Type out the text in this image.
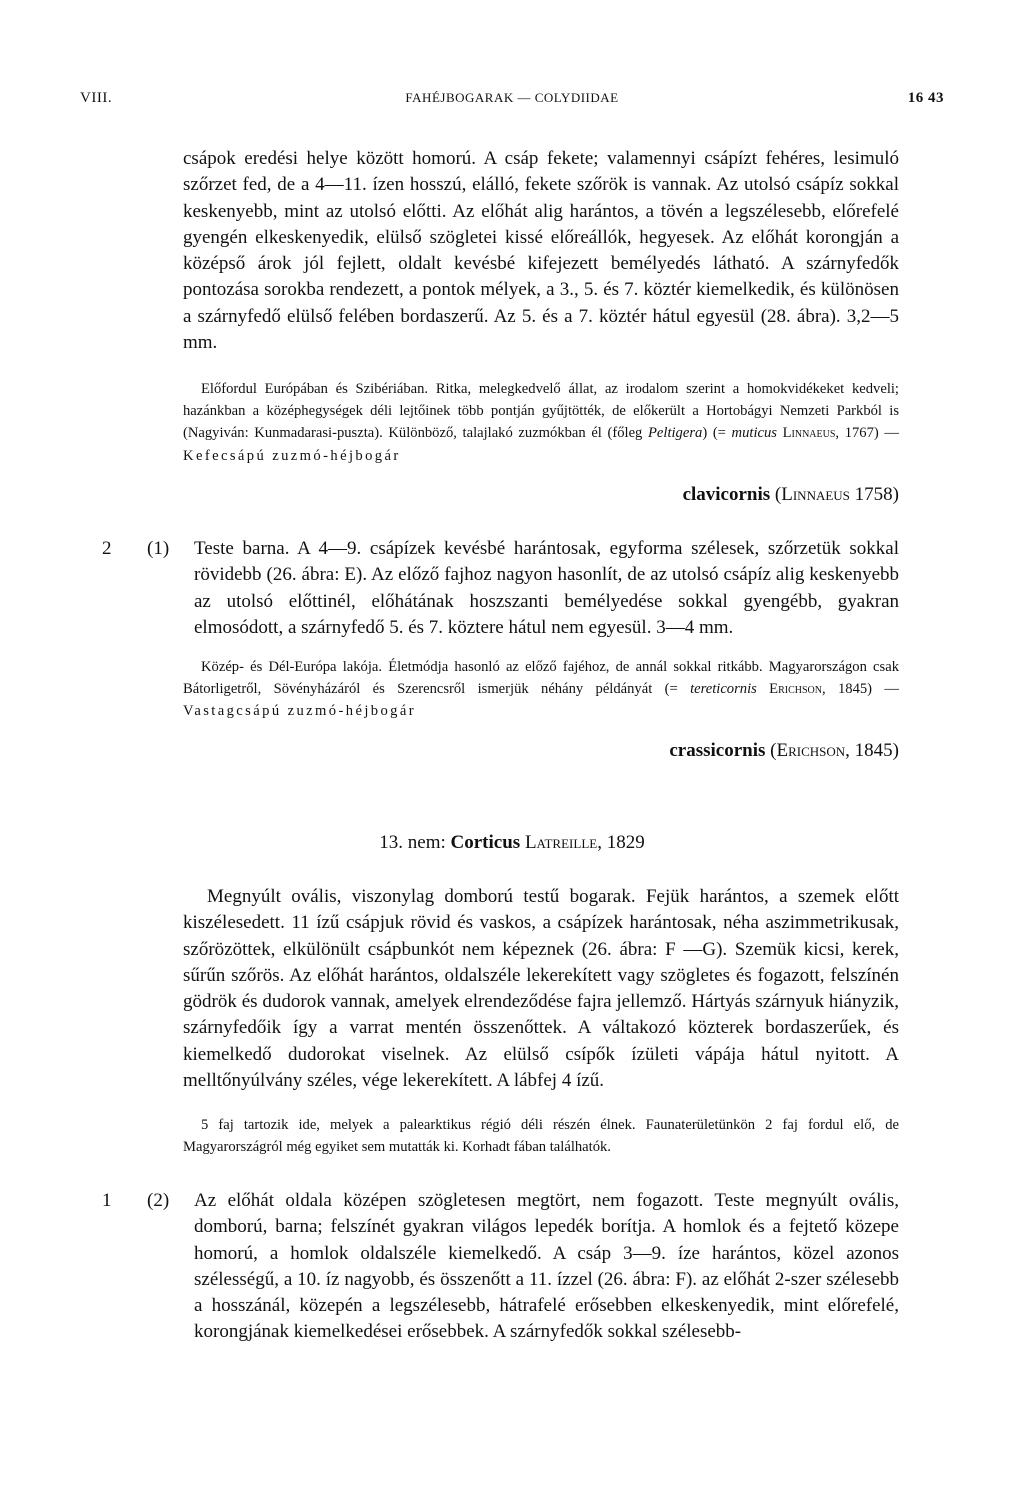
VIII.	FAHÉJBOGARAK — COLYDIIDAE	16 43
csápok eredési helye között homorú. A csáp fekete; valamennyi csápízt fehéres, lesimuló szőrzet fed, de a 4—11. ízen hosszú, elálló, fekete szőrök is vannak. Az utolsó csápíz sokkal keskenyebb, mint az utolsó előtti. Az előhát alig harántos, a tövén a legszélesebb, előrefelé gyengén elkeskenyedik, elülső szögletei kissé előreállók, hegyesek. Az előhát korongján a középső árok jól fejlett, oldalt kevésbé kifejezett bemélyedés látható. A szárnyfedők pontozása sorokba rendezett, a pontok mélyek, a 3., 5. és 7. köztér kiemelkedik, és különösen a szárnyfedő elülső felében bordaszerű. Az 5. és a 7. köztér hátul egyesül (28. ábra). 3,2—5 mm.
Előfordul Európában és Szibériában. Ritka, melegkedvelő állat, az irodalom szerint a homokvidékeket kedveli; hazánkban a középhegységek déli lejtőinek több pontján gyűjtötték, de előkerült a Hortobágyi Nemzeti Parkból is (Nagyiván: Kunmadarasi-puszta). Különböző, talajlakó zuzmókban él (főleg Peltigera) (= muticus Linnaeus, 1767) — Kefecsápú zuzmó-héjbogár
clavicornis (Linnaeus 1758)
2 (1) Teste barna. A 4—9. csápízek kevésbé harántosak, egyforma szélesek, szőrzetük sokkal rövidebb (26. ábra: E). Az előző fajhoz nagyon hasonlít, de az utolsó csápíz alig keskenyebb az utolsó előttinél, előhátának hoszszanti bemélyedése sokkal gyengébb, gyakran elmosódott, a szárnyfedő 5. és 7. köztere hátul nem egyesül. 3—4 mm.
Közép- és Dél-Európa lakója. Életmódja hasonló az előző fajéhoz, de annál sokkal ritkább. Magyarországon csak Bátorligetről, Sövényházáról és Szerencsről ismerjük néhány példányát (= tereticornis Erichson, 1845) — Vastagcsápú zuzmó-héjbogár
crassicornis (Erichson, 1845)
13. nem: Corticus Latreille, 1829
Megnyúlt ovális, viszonylag domború testű bogarak. Fejük harántos, a szemek előtt kiszélesedett. 11 ízű csápjuk rövid és vaskos, a csápízek harántosak, néha aszimmetrikusak, szőrözöttek, elkülönült csápbunkót nem képeznek (26. ábra: F —G). Szemük kicsi, kerek, sűrűn szőrös. Az előhát harántos, oldalszéle lekerekített vagy szögletes és fogazott, felszínén gödrök és dudorok vannak, amelyek elrendeződése fajra jellemző. Hártyás szárnyuk hiányzik, szárnyfedőik így a varrat mentén összenőttek. A váltakozó közterek bordaszerűek, és kiemelkedő dudorokat viselnek. Az elülső csípők ízületi vápája hátul nyitott. A melltőnyúlvány széles, vége lekerekített. A lábfej 4 ízű.
5 faj tartozik ide, melyek a palearktikus régió déli részén élnek. Faunaterületünkön 2 faj fordul elő, de Magyarországról még egyiket sem mutatták ki. Korhadt fában találhatók.
1 (2) Az előhát oldala középen szögletesen megtört, nem fogazott. Teste megnyúlt ovális, domború, barna; felszínét gyakran világos lepedék borítja. A homlok és a fejtető közepe homorú, a homlok oldalszéle kiemelkedő. A csáp 3—9. íze harántos, közel azonos szélességű, a 10. íz nagyobb, és összenőtt a 11. ízzel (26. ábra: F). az előhát 2-szer szélesebb a hosszánál, közepén a legszélesebb, hátrafelé erősebben elkeskenyedik, mint előrefelé, korongjának kiemelkedései erősebbek. A szárnyfedők sokkal szélesebb-
